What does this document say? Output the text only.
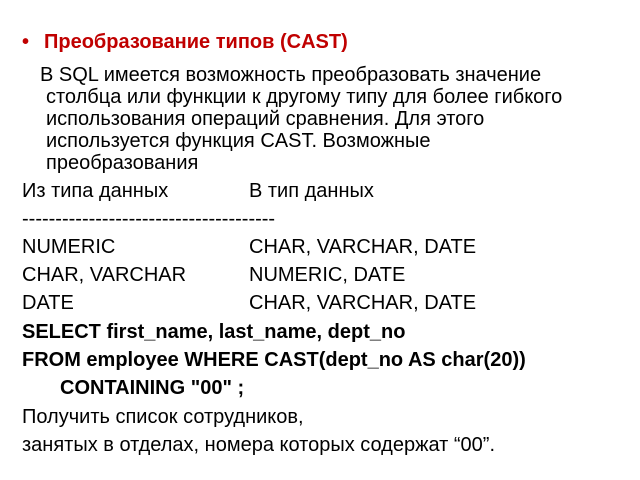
• Преобразование типов (CAST)
В SQL имеется возможность преобразовать значение
столбца или функции к другому типу для более гибкого
использования операций сравнения. Для этого
используется функция CAST. Возможные
преобразования
Из типа данных	В тип данных
--------------------------------------
NUMERIC	CHAR, VARCHAR, DATE
CHAR, VARCHAR	NUMERIC, DATE
DATE	CHAR, VARCHAR, DATE
SELECT first_name, last_name, dept_no
FROM employee WHERE CAST(dept_no AS char(20))
CONTAINING "00" ;
Получить список сотрудников,
занятых в отделах, номера которых содержат “00”.
